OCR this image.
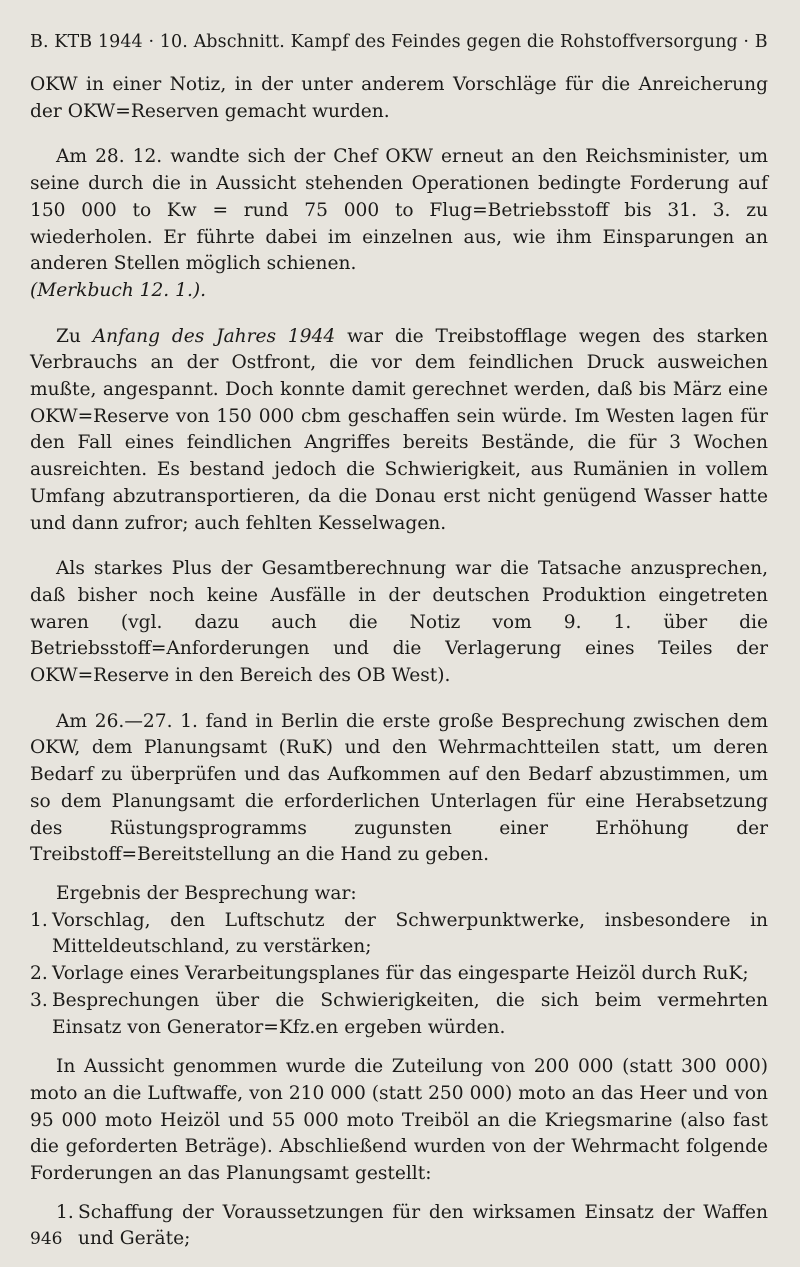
B. KTB 1944 · 10. Abschnitt. Kampf des Feindes gegen die Rohstoffversorgung · B

OKW in einer Notiz, in der unter anderem Vorschläge für die Anreicherung der OKW=Reserven gemacht wurden.

Am 28. 12. wandte sich der Chef OKW erneut an den Reichsminister, um seine durch die in Aussicht stehenden Operationen bedingte Forderung auf 150 000 to Kw = rund 75 000 to Flug=Betriebsstoff bis 31. 3. zu wiederholen. Er führte dabei im einzelnen aus, wie ihm Einsparungen an anderen Stellen möglich schienen.
(Merkbuch 12. 1.).

Zu Anfang des Jahres 1944 war die Treibstofflage wegen des starken Verbrauchs an der Ostfront, die vor dem feindlichen Druck ausweichen mußte, angespannt. Doch konnte damit gerechnet werden, daß bis März eine OKW=Reserve von 150 000 cbm geschaffen sein würde. Im Westen lagen für den Fall eines feindlichen Angriffes bereits Bestände, die für 3 Wochen ausreichten. Es bestand jedoch die Schwierigkeit, aus Rumänien in vollem Umfang abzutransportieren, da die Donau erst nicht genügend Wasser hatte und dann zufror; auch fehlten Kesselwagen.

Als starkes Plus der Gesamtberechnung war die Tatsache anzusprechen, daß bisher noch keine Ausfälle in der deutschen Produktion eingetreten waren (vgl. dazu auch die Notiz vom 9. 1. über die Betriebsstoff=Anforderungen und die Verlagerung eines Teiles der OKW=Reserve in den Bereich des OB West).

Am 26.—27. 1. fand in Berlin die erste große Besprechung zwischen dem OKW, dem Planungsamt (RuK) und den Wehrmachtteilen statt, um deren Bedarf zu überprüfen und das Aufkommen auf den Bedarf abzustimmen, um so dem Planungsamt die erforderlichen Unterlagen für eine Herabsetzung des Rüstungsprogramms zugunsten einer Erhöhung der Treibstoff=Bereitstellung an die Hand zu geben.

Ergebnis der Besprechung war:

1. Vorschlag, den Luftschutz der Schwerpunktwerke, insbesondere in Mitteldeutschland, zu verstärken;
2. Vorlage eines Verarbeitungsplanes für das eingesparte Heizöl durch RuK;
3. Besprechungen über die Schwierigkeiten, die sich beim vermehrten Einsatz von Generator=Kfz.en ergeben würden.

In Aussicht genommen wurde die Zuteilung von 200 000 (statt 300 000) moto an die Luftwaffe, von 210 000 (statt 250 000) moto an das Heer und von 95 000 moto Heizöl und 55 000 moto Treiböl an die Kriegsmarine (also fast die geforderten Beträge). Abschließend wurden von der Wehrmacht folgende Forderungen an das Planungsamt gestellt:

1. Schaffung der Voraussetzungen für den wirksamen Einsatz der Waffen und Geräte;
946
